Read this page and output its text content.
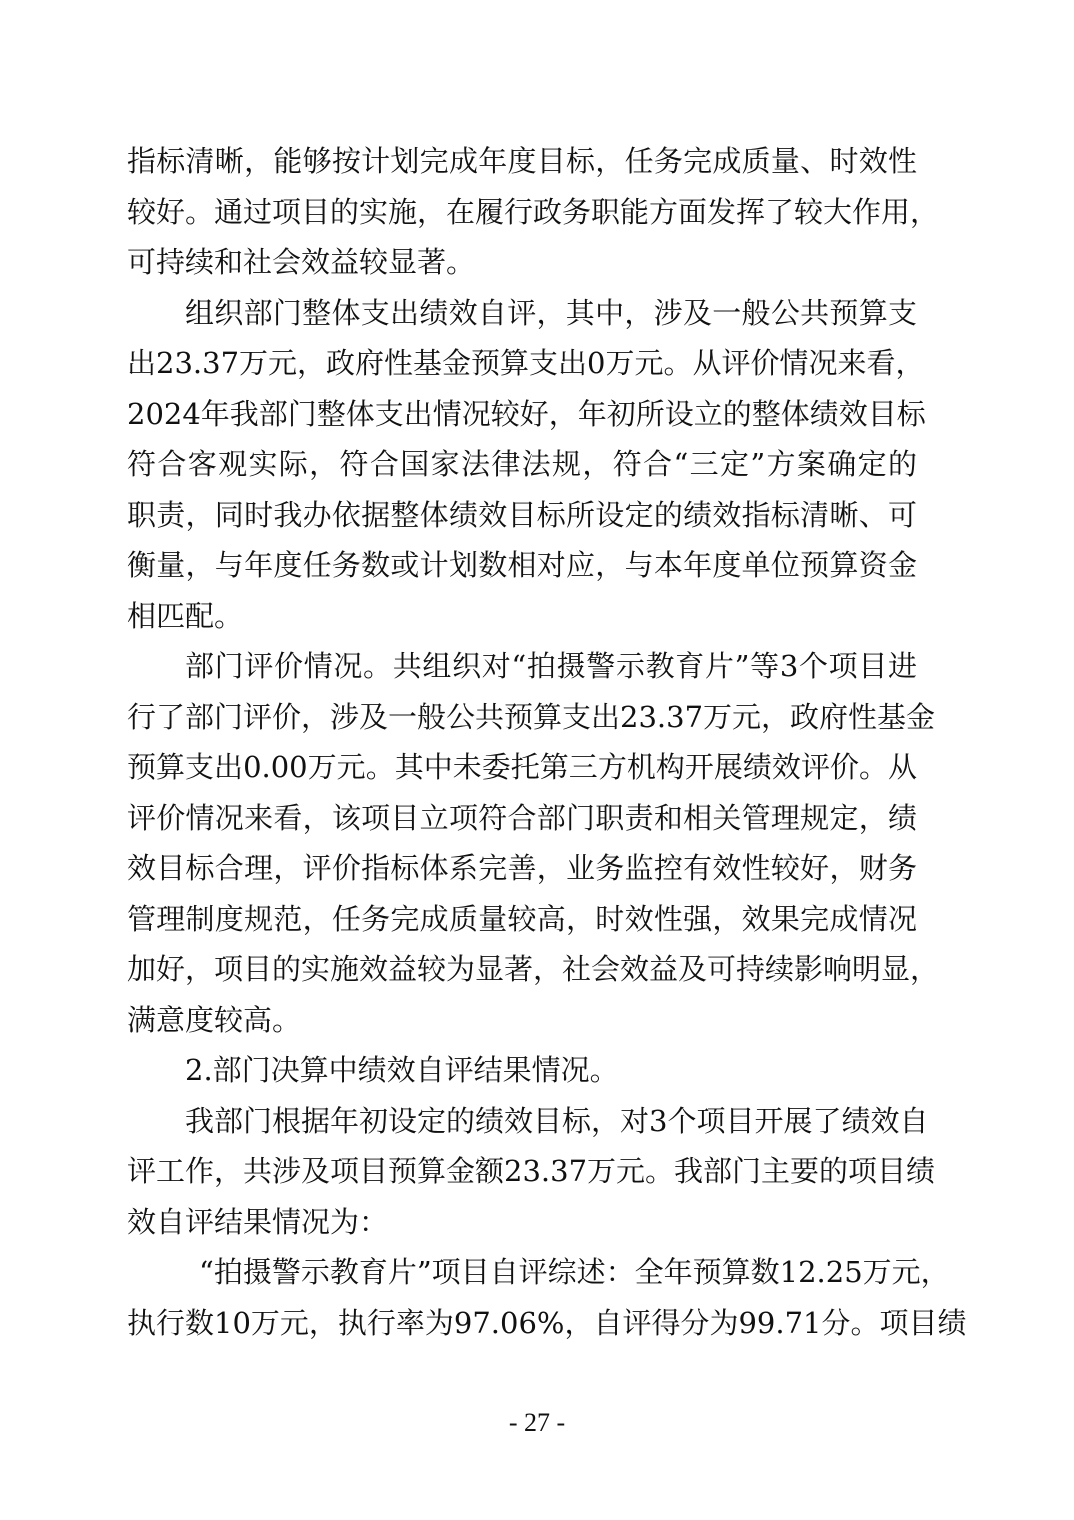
指标清晰，能够按计划完成年度目标，任务完成质量、时效性
较好。通过项目的实施，在履行政务职能方面发挥了较大作用，
可持续和社会效益较显著。
组织部门整体支出绩效自评，其中，涉及一般公共预算支
出23.37万元，政府性基金预算支出0万元。从评价情况来看，
2024年我部门整体支出情况较好，年初所设立的整体绩效目标
符合客观实际，符合国家法律法规，符合“三定”方案确定的
职责，同时我办依据整体绩效目标所设定的绩效指标清晰、可
衡量，与年度任务数或计划数相对应，与本年度单位预算资金
相匹配。
部门评价情况。共组织对“拍摄警示教育片”等3个项目进
行了部门评价，涉及一般公共预算支出23.37万元，政府性基金
预算支出0.00万元。其中未委托第三方机构开展绩效评价。从
评价情况来看，该项目立项符合部门职责和相关管理规定，绩
效目标合理，评价指标体系完善，业务监控有效性较好，财务
管理制度规范，任务完成质量较高，时效性强，效果完成情况
加好，项目的实施效益较为显著，社会效益及可持续影响明显，
满意度较高。
2.部门决算中绩效自评结果情况。
我部门根据年初设定的绩效目标，对3个项目开展了绩效自
评工作，共涉及项目预算金额23.37万元。我部门主要的项目绩
效自评结果情况为：
“拍摄警示教育片”项目自评综述：全年预算数12.25万元，
执行数10万元，执行率为97.06%，自评得分为99.71分。项目绩
- 27 -
